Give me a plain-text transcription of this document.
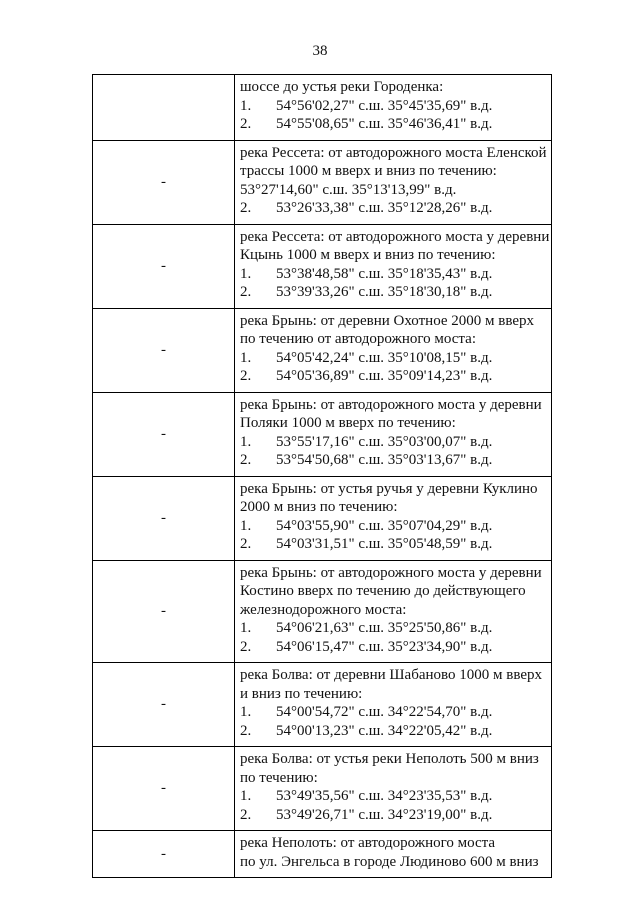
38

	шоссе до устья реки Городенка:
1. 54°56'02,27" с.ш. 35°45'35,69" в.д.
2. 54°55'08,65" с.ш. 35°46'36,41" в.д.

-	река Рессета: от автодорожного моста Еленской
трассы 1000 м вверх и вниз по течению:
53°27'14,60" с.ш. 35°13'13,99" в.д.
2. 53°26'33,38" с.ш. 35°12'28,26" в.д.

-	река Рессета: от автодорожного моста у деревни
Кцынь 1000 м вверх и вниз по течению:
1. 53°38'48,58" с.ш. 35°18'35,43" в.д.
2. 53°39'33,26" с.ш. 35°18'30,18" в.д.

-	река Брынь: от деревни Охотное 2000 м вверх
по течению от автодорожного моста:
1. 54°05'42,24" с.ш. 35°10'08,15" в.д.
2. 54°05'36,89" с.ш. 35°09'14,23" в.д.

-	река Брынь: от автодорожного моста у деревни
Поляки 1000 м вверх по течению:
1. 53°55'17,16" с.ш. 35°03'00,07" в.д.
2. 53°54'50,68" с.ш. 35°03'13,67" в.д.

-	река Брынь: от устья ручья у деревни Куклино
2000 м вниз по течению:
1. 54°03'55,90" с.ш. 35°07'04,29" в.д.
2. 54°03'31,51" с.ш. 35°05'48,59" в.д.

-	река Брынь: от автодорожного моста у деревни
Костино вверх по течению до действующего
железнодорожного моста:
1. 54°06'21,63" с.ш. 35°25'50,86" в.д.
2. 54°06'15,47" с.ш. 35°23'34,90" в.д.

-	река Болва: от деревни Шабаново 1000 м вверх
и вниз по течению:
1. 54°00'54,72" с.ш. 34°22'54,70" в.д.
2. 54°00'13,23" с.ш. 34°22'05,42" в.д.

-	река Болва: от устья реки Неполоть 500 м вниз
по течению:
1. 53°49'35,56" с.ш. 34°23'35,53" в.д.
2. 53°49'26,71" с.ш. 34°23'19,00" в.д.

-	река Неполоть: от автодорожного моста
по ул. Энгельса в городе Людиново 600 м вниз
